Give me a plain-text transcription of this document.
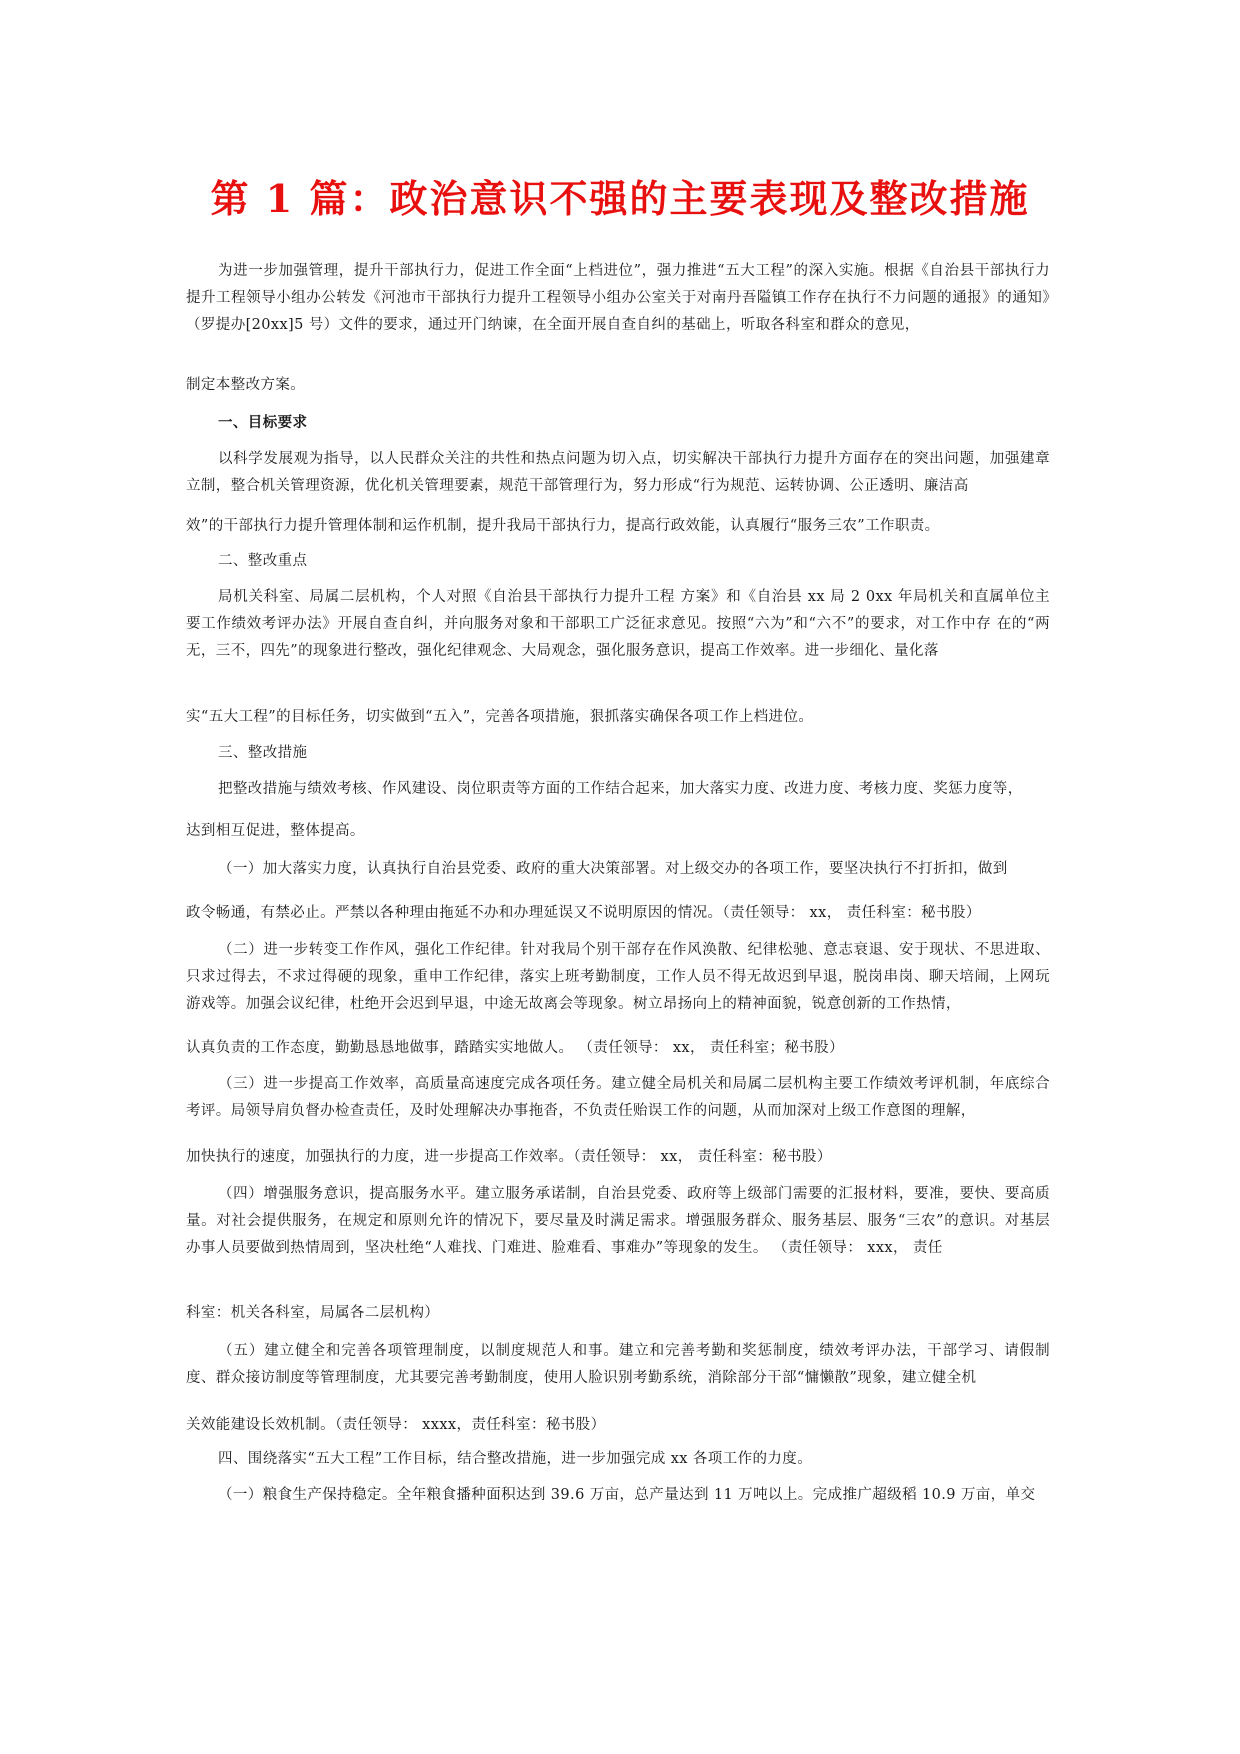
第 1 篇：政治意识不强的主要表现及整改措施

为进一步加强管理，提升干部执行力，促进工作全面“上档进位”，强力推进“五大工程”的深入实施。根据《自治县干部执行力提升工程领导小组办公转发《河池市干部执行力提升工程领导小组办公室关于对南丹吾隘镇工作存在执行不力问题的通报》的通知》（罗提办[20xx]5 号）文件的要求，通过开门纳谏，在全面开展自查自纠的基础上，听取各科室和群众的意见，

制定本整改方案。

一、目标要求

以科学发展观为指导，以人民群众关注的共性和热点问题为切入点，切实解决干部执行力提升方面存在的突出问题，加强建章立制，整合机关管理资源，优化机关管理要素，规范干部管理行为，努力形成“行为规范、运转协调、公正透明、廉洁高

效”的干部执行力提升管理体制和运作机制，提升我局干部执行力，提高行政效能，认真履行“服务三农”工作职责。

二、整改重点

局机关科室、局属二层机构，个人对照《自治县干部执行力提升工程 方案》和《自治县 xx 局 2 0xx 年局机关和直属单位主 要工作绩效考评办法》开展自查自纠，并向服务对象和干部职工广泛征求意见。按照“六为”和“六不”的要求，对工作中存 在的“两无，三不，四先”的现象进行整改，强化纪律观念、大局观念，强化服务意识，提高工作效率。进一步细化、量化落

实“五大工程”的目标任务，切实做到“五入”，完善各项措施，狠抓落实确保各项工作上档进位。

三、整改措施

把整改措施与绩效考核、作风建设、岗位职责等方面的工作结合起来，加大落实力度、改进力度、考核力度、奖惩力度等，

达到相互促进，整体提高。

（一）加大落实力度，认真执行自治县党委、政府的重大决策部署。对上级交办的各项工作，要坚决执行不打折扣，做到

政令畅通，有禁必止。严禁以各种理由拖延不办和办理延误又不说明原因的情况。（责任领导： xx， 责任科室：秘书股）

（二）进一步转变工作作风，强化工作纪律。针对我局个别干部存在作风涣散、纪律松驰、意志衰退、安于现状、不思进取、只求过得去，不求过得硬的现象，重申工作纪律，落实上班考勤制度，工作人员不得无故迟到早退，脱岗串岗、聊天培闹，上网玩游戏等。加强会议纪律，杜绝开会迟到早退，中途无故离会等现象。树立昂扬向上的精神面貌，锐意创新的工作热情，

认真负责的工作态度，勤勤恳恳地做事，踏踏实实地做人。 （责任领导： xx， 责任科室；秘书股）

（三）进一步提高工作效率，高质量高速度完成各项任务。建立健全局机关和局属二层机构主要工作绩效考评机制，年底综合考评。局领导肩负督办检查责任，及时处理解决办事拖沓，不负责任贻误工作的问题，从而加深对上级工作意图的理解，

加快执行的速度，加强执行的力度，进一步提高工作效率。（责任领导： xx， 责任科室：秘书股）

（四）增强服务意识，提高服务水平。建立服务承诺制，自治县党委、政府等上级部门需要的汇报材料，要准，要快、要高质量。对社会提供服务，在规定和原则允许的情况下，要尽量及时满足需求。增强服务群众、服务基层、服务“三农”的意识。对基层办事人员要做到热情周到，坚决杜绝“人难找、门难进、脸难看、事难办”等现象的发生。 （责任领导： xxx， 责任

科室：机关各科室，局属各二层机构）

（五）建立健全和完善各项管理制度，以制度规范人和事。建立和完善考勤和奖惩制度，绩效考评办法，干部学习、请假制度、群众接访制度等管理制度，尤其要完善考勤制度，使用人脸识别考勤系统，消除部分干部“慵懒散”现象，建立健全机

关效能建设长效机制。（责任领导： xxxx，责任科室：秘书股）

四、围绕落实“五大工程”工作目标，结合整改措施，进一步加强完成 xx 各项工作的力度。

（一）粮食生产保持稳定。全年粮食播种面积达到 39.6 万亩，总产量达到 11 万吨以上。完成推广超级稻 10.9 万亩，单交
